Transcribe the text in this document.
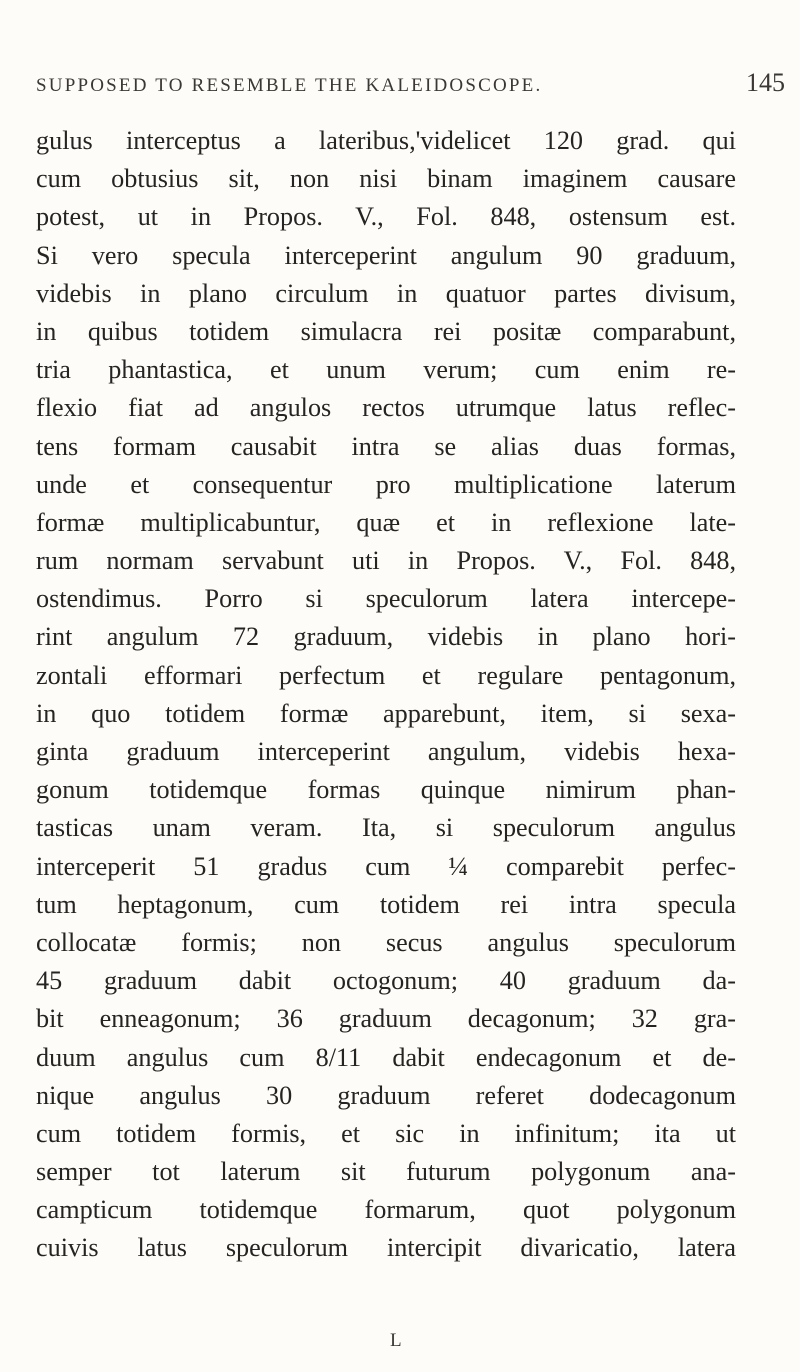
SUPPOSED TO RESEMBLE THE KALEIDOSCOPE.	145
gulus interceptus a lateribus,'videlicet 120 grad. qui
cum obtusius sit, non nisi binam imaginem causare
potest, ut in Propos. V., Fol. 848, ostensum est.
Si vero specula interceperint angulum 90 graduum,
videbis in plano circulum in quatuor partes divisum,
in quibus totidem simulacra rei positæ comparabunt,
tria phantastica, et unum verum; cum enim re-
flexio fiat ad angulos rectos utrumque latus reflec-
tens formam causabit intra se alias duas formas,
unde et consequentur pro multiplicatione laterum
formæ multiplicabuntur, quæ et in reflexione late-
rum normam servabunt uti in Propos. V., Fol. 848,
ostendimus. Porro si speculorum latera intercepe-
rint angulum 72 graduum, videbis in plano hori-
zontali efformari perfectum et regulare pentagonum,
in quo totidem formæ apparebunt, item, si sexa-
ginta graduum interceperint angulum, videbis hexa-
gonum totidemque formas quinque nimirum phan-
tasticas unam veram. Ita, si speculorum angulus
interceperit 51 gradus cum ¼ comparebit perfec-
tum heptagonum, cum totidem rei intra specula
collocatæ formis; non secus angulus speculorum
45 graduum dabit octogonum; 40 graduum da-
bit enneagonum; 36 graduum decagonum; 32 gra-
duum angulus cum 8/11 dabit endecagonum et de-
nique angulus 30 graduum referet dodecagonum
cum totidem formis, et sic in infinitum; ita ut
semper tot laterum sit futurum polygonum ana-
campticum totidemque formarum, quot polygonum
cuivis latus speculorum intercipit divaricatio, latera
L
